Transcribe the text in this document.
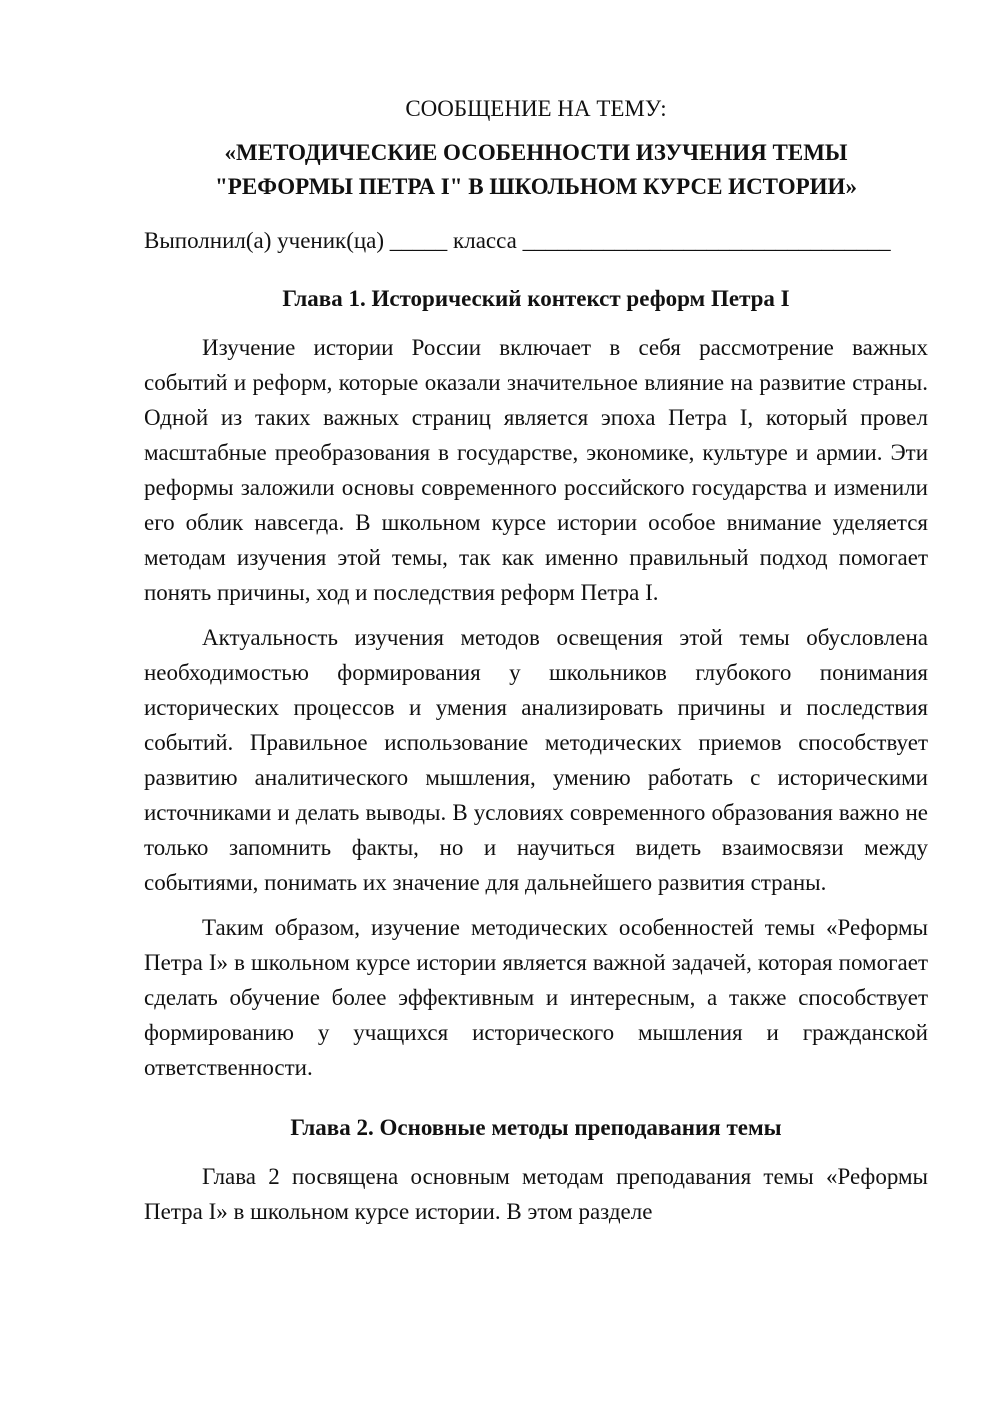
СООБЩЕНИЕ НА ТЕМУ:

«МЕТОДИЧЕСКИЕ ОСОБЕННОСТИ ИЗУЧЕНИЯ ТЕМЫ
"РЕФОРМЫ ПЕТРА I" В ШКОЛЬНОМ КУРСЕ ИСТОРИИ»

Выполнил(а) ученик(ца) _____ класса ________________________________

Глава 1. Исторический контекст реформ Петра I

Изучение истории России включает в себя рассмотрение важных событий и реформ, которые оказали значительное влияние на развитие страны. Одной из таких важных страниц является эпоха Петра I, который провел масштабные преобразования в государстве, экономике, культуре и армии. Эти реформы заложили основы современного российского государства и изменили его облик навсегда. В школьном курсе истории особое внимание уделяется методам изучения этой темы, так как именно правильный подход помогает понять причины, ход и последствия реформ Петра I.

Актуальность изучения методов освещения этой темы обусловлена необходимостью формирования у школьников глубокого понимания исторических процессов и умения анализировать причины и последствия событий. Правильное использование методических приемов способствует развитию аналитического мышления, умению работать с историческими источниками и делать выводы. В условиях современного образования важно не только запомнить факты, но и научиться видеть взаимосвязи между событиями, понимать их значение для дальнейшего развития страны.

Таким образом, изучение методических особенностей темы «Реформы Петра I» в школьном курсе истории является важной задачей, которая помогает сделать обучение более эффективным и интересным, а также способствует формированию у учащихся исторического мышления и гражданской ответственности.

Глава 2. Основные методы преподавания темы

Глава 2 посвящена основным методам преподавания темы «Реформы Петра I» в школьном курсе истории. В этом разделе
